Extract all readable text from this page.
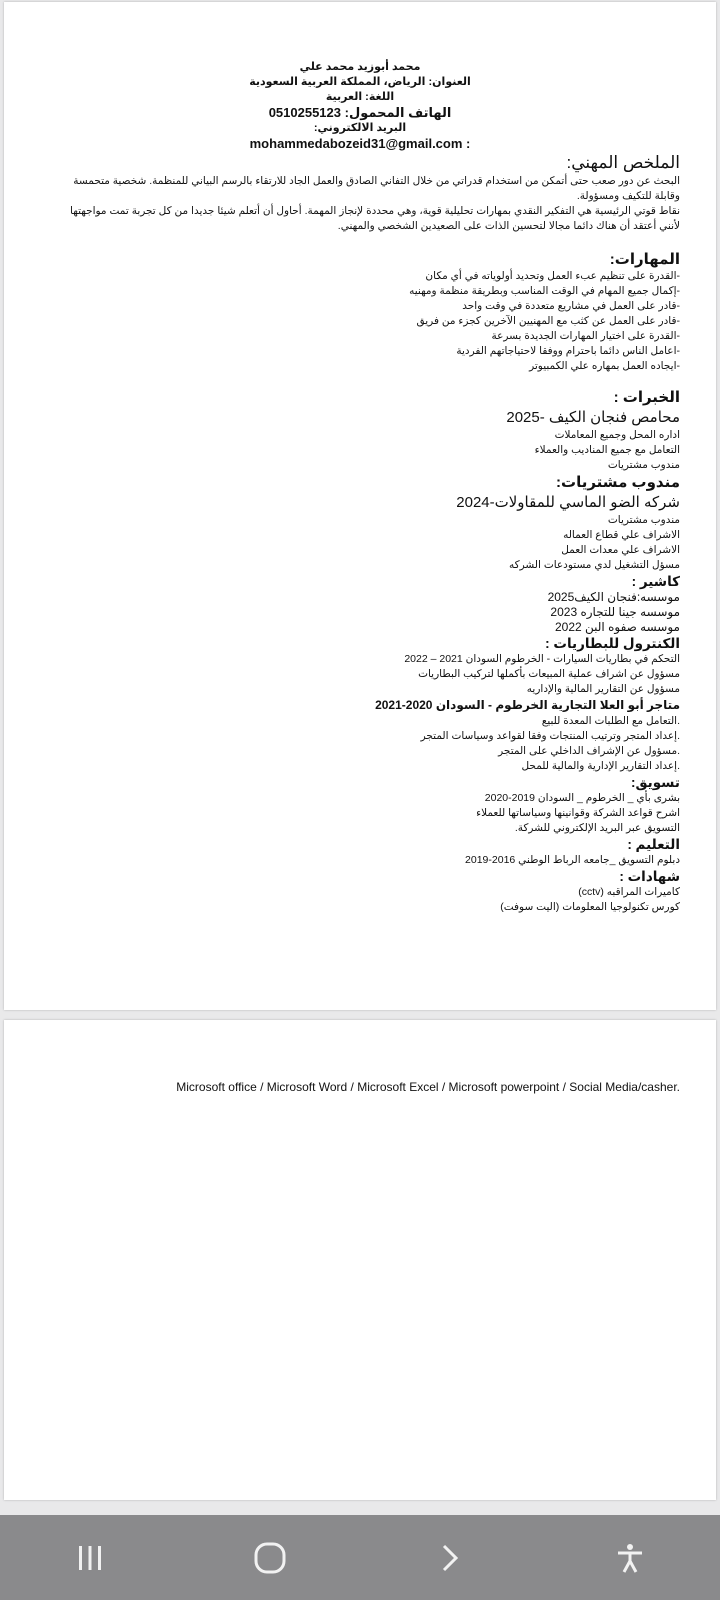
محمد أبوزيد محمد علي
العنوان: الرياض، المملكة العربية السعودية
اللغة: العربية
الهاتف المحمول: 0510255123
البريد الالكتروني:
mohammedabozeid31@gmail.com :
الملخص المهني:
البحث عن دور صعب حتى أتمكن من استخدام قدراتي من خلال التفاني الصادق والعمل الجاد للارتقاء بالرسم البياني للمنظمة. شخصية متحمسة
وقابلة للتكيف ومسؤولة.
نقاط قوتي الرئيسية هي التفكير النقدي بمهارات تحليلية قوية، وهي محددة لإنجاز المهمة. أحاول أن أتعلم شيئا جديدا من كل تجربة تمت مواجهتها
لأنني أعتقد أن هناك دائما مجالا لتحسين الذات على الصعيدين الشخصي والمهني.
المهارات:
-القدرة على تنظيم عبء العمل وتحديد أولوياته في أي مكان
-إكمال جميع المهام في الوقت المناسب وبطريقة منظمة ومهنيه
-قادر على العمل في مشاريع متعددة في وقت واحد
-قادر على العمل عن كثب مع المهنيين الآخرين كجزء من فريق
-القدرة على اختيار المهارات الجديدة بسرعة
-اعامل الناس دائما باحترام ووفقا لاحتياجاتهم الفردية
-ايجاده العمل بمهاره علي الكمبيوتر
الخبرات :
محامص فنجان الكيف -2025
اداره المحل وجميع المعاملات
التعامل مع جميع المناديب والعملاء
مندوب مشتريات
مندوب مشتريات:
شركه الضو الماسي للمقاولات-2024
مندوب مشتريات
الاشراف علي قطاع العماله
الاشراف علي معدات العمل
مسؤل التشغيل لدي مستودعات الشركه
كاشير :
موسسه:فنجان الكيف2025
موسسه جينا للتجاره 2023
موسسه صفوه البن 2022
الكنترول للبطاريات :
التحكم في بطاريات السيارات - الخرطوم السودان 2021 – 2022
مسؤول عن اشراف عملية المبيعات بأكملها لتركيب البطاريات
مسؤول عن التقارير المالية والإداريه
متاجر أبو العلا التجارية الخرطوم - السودان 2020-2021
.التعامل مع الطلبات المعدة للبيع
.إعداد المتجر وترتيب المنتجات وفقا لقواعد وسياسات المتجر
.مسؤول عن الإشراف الداخلي على المتجر
.إعداد التقارير الإدارية والمالية للمحل
تسويق:
بشرى بأي _ الخرطوم _ السودان 2019-2020
اشرح قواعد الشركة وقوانينها وسياساتها للعملاء
التسويق عبر البريد الإلكتروني للشركة.
التعليم :
دبلوم التسويق _جامعه الرباط الوطني 2016-2019
شهادات :
كاميرات المراقبه (cctv)
كورس تكنولوجيا المعلومات (اليت سوفت)
Microsoft office / Microsoft Word / Microsoft Excel / Microsoft powerpoint / Social Media/casher.
